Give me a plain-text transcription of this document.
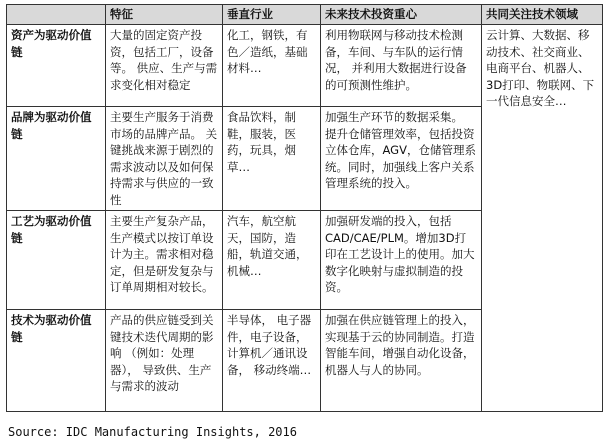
	特征	垂直行业	未来技术投资重心	共同关注技术领域
资产为驱动价值链	大量的固定资产投资，包括工厂，设备等。 供应、生产与需求变化相对稳定	化工，钢铁，有色／造纸，基础材料…	利用物联网与移动技术检测备，车间、与车队的运行情况， 并利用大数据进行设备的可预测性维护。	云计算、大数据、移动技术、社交商业、电商平台、机器人、3D打印、物联网、下一代信息安全…
品牌为驱动价值链	主要生产服务于消费市场的品牌产品。 关键挑战来源于剧烈的需求波动以及如何保持需求与供应的一致性	食品饮料，制鞋，服装，医药，玩具，烟草…	加强生产环节的数据采集。 提升仓储管理效率，包括投资立体仓库，AGV，仓储管理系统。同时，加强线上客户关系管理系统的投入。	
工艺为驱动价值链	主要生产复杂产品，生产模式以按订单设计为主。需求相对稳定，但是研发复杂与订单周期相对较长。	汽车，航空航天，国防，造船，轨道交通，机械…	加强研发端的投入，包括CAD/CAE/PLM。增加3D打印在工艺设计上的使用。加大数字化映射与虚拟制造的投资。	
技术为驱动价值链	产品的供应链受到关键技术迭代周期的影响 （例如：处理器）， 导致供、生产与需求的波动	半导体， 电子器件，电子设备，计算机／通讯设备， 移动终端…	加强在供应链管理上的投入，实现基于云的协同制造。打造智能车间，增强自动化设备，机器人与人的协同。	
Source: IDC Manufacturing Insights, 2016
